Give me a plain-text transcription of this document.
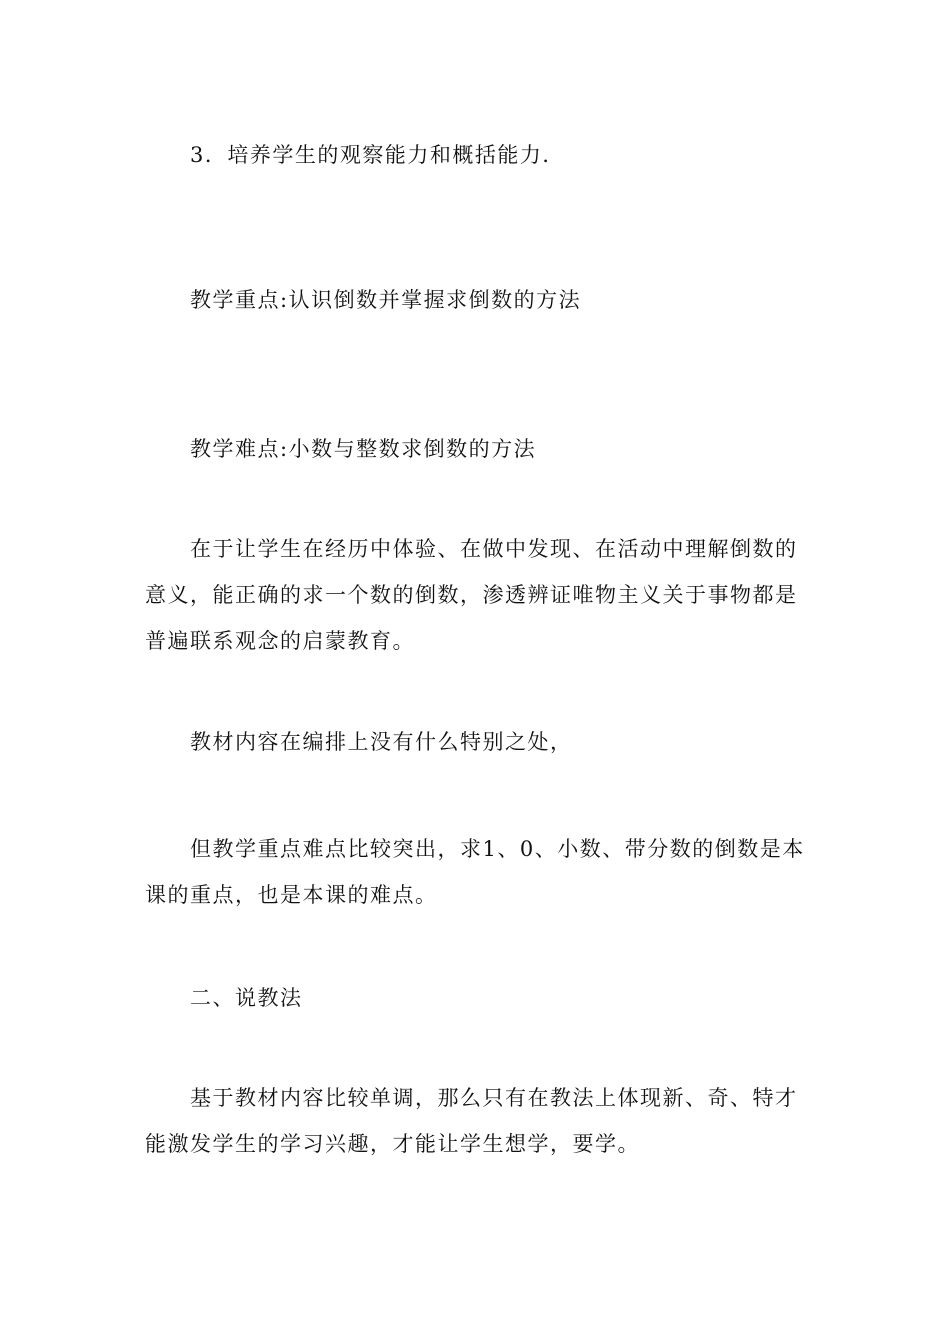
3．培养学生的观察能力和概括能力．

教学重点:认识倒数并掌握求倒数的方法

教学难点:小数与整数求倒数的方法

在于让学生在经历中体验、在做中发现、在活动中理解倒数的意义，能正确的求一个数的倒数，渗透辨证唯物主义关于事物都是普遍联系观念的启蒙教育。

教材内容在编排上没有什么特别之处，

但教学重点难点比较突出，求1、0、小数、带分数的倒数是本课的重点，也是本课的难点。

二、说教法

基于教材内容比较单调，那么只有在教法上体现新、奇、特才能激发学生的学习兴趣，才能让学生想学，要学。
